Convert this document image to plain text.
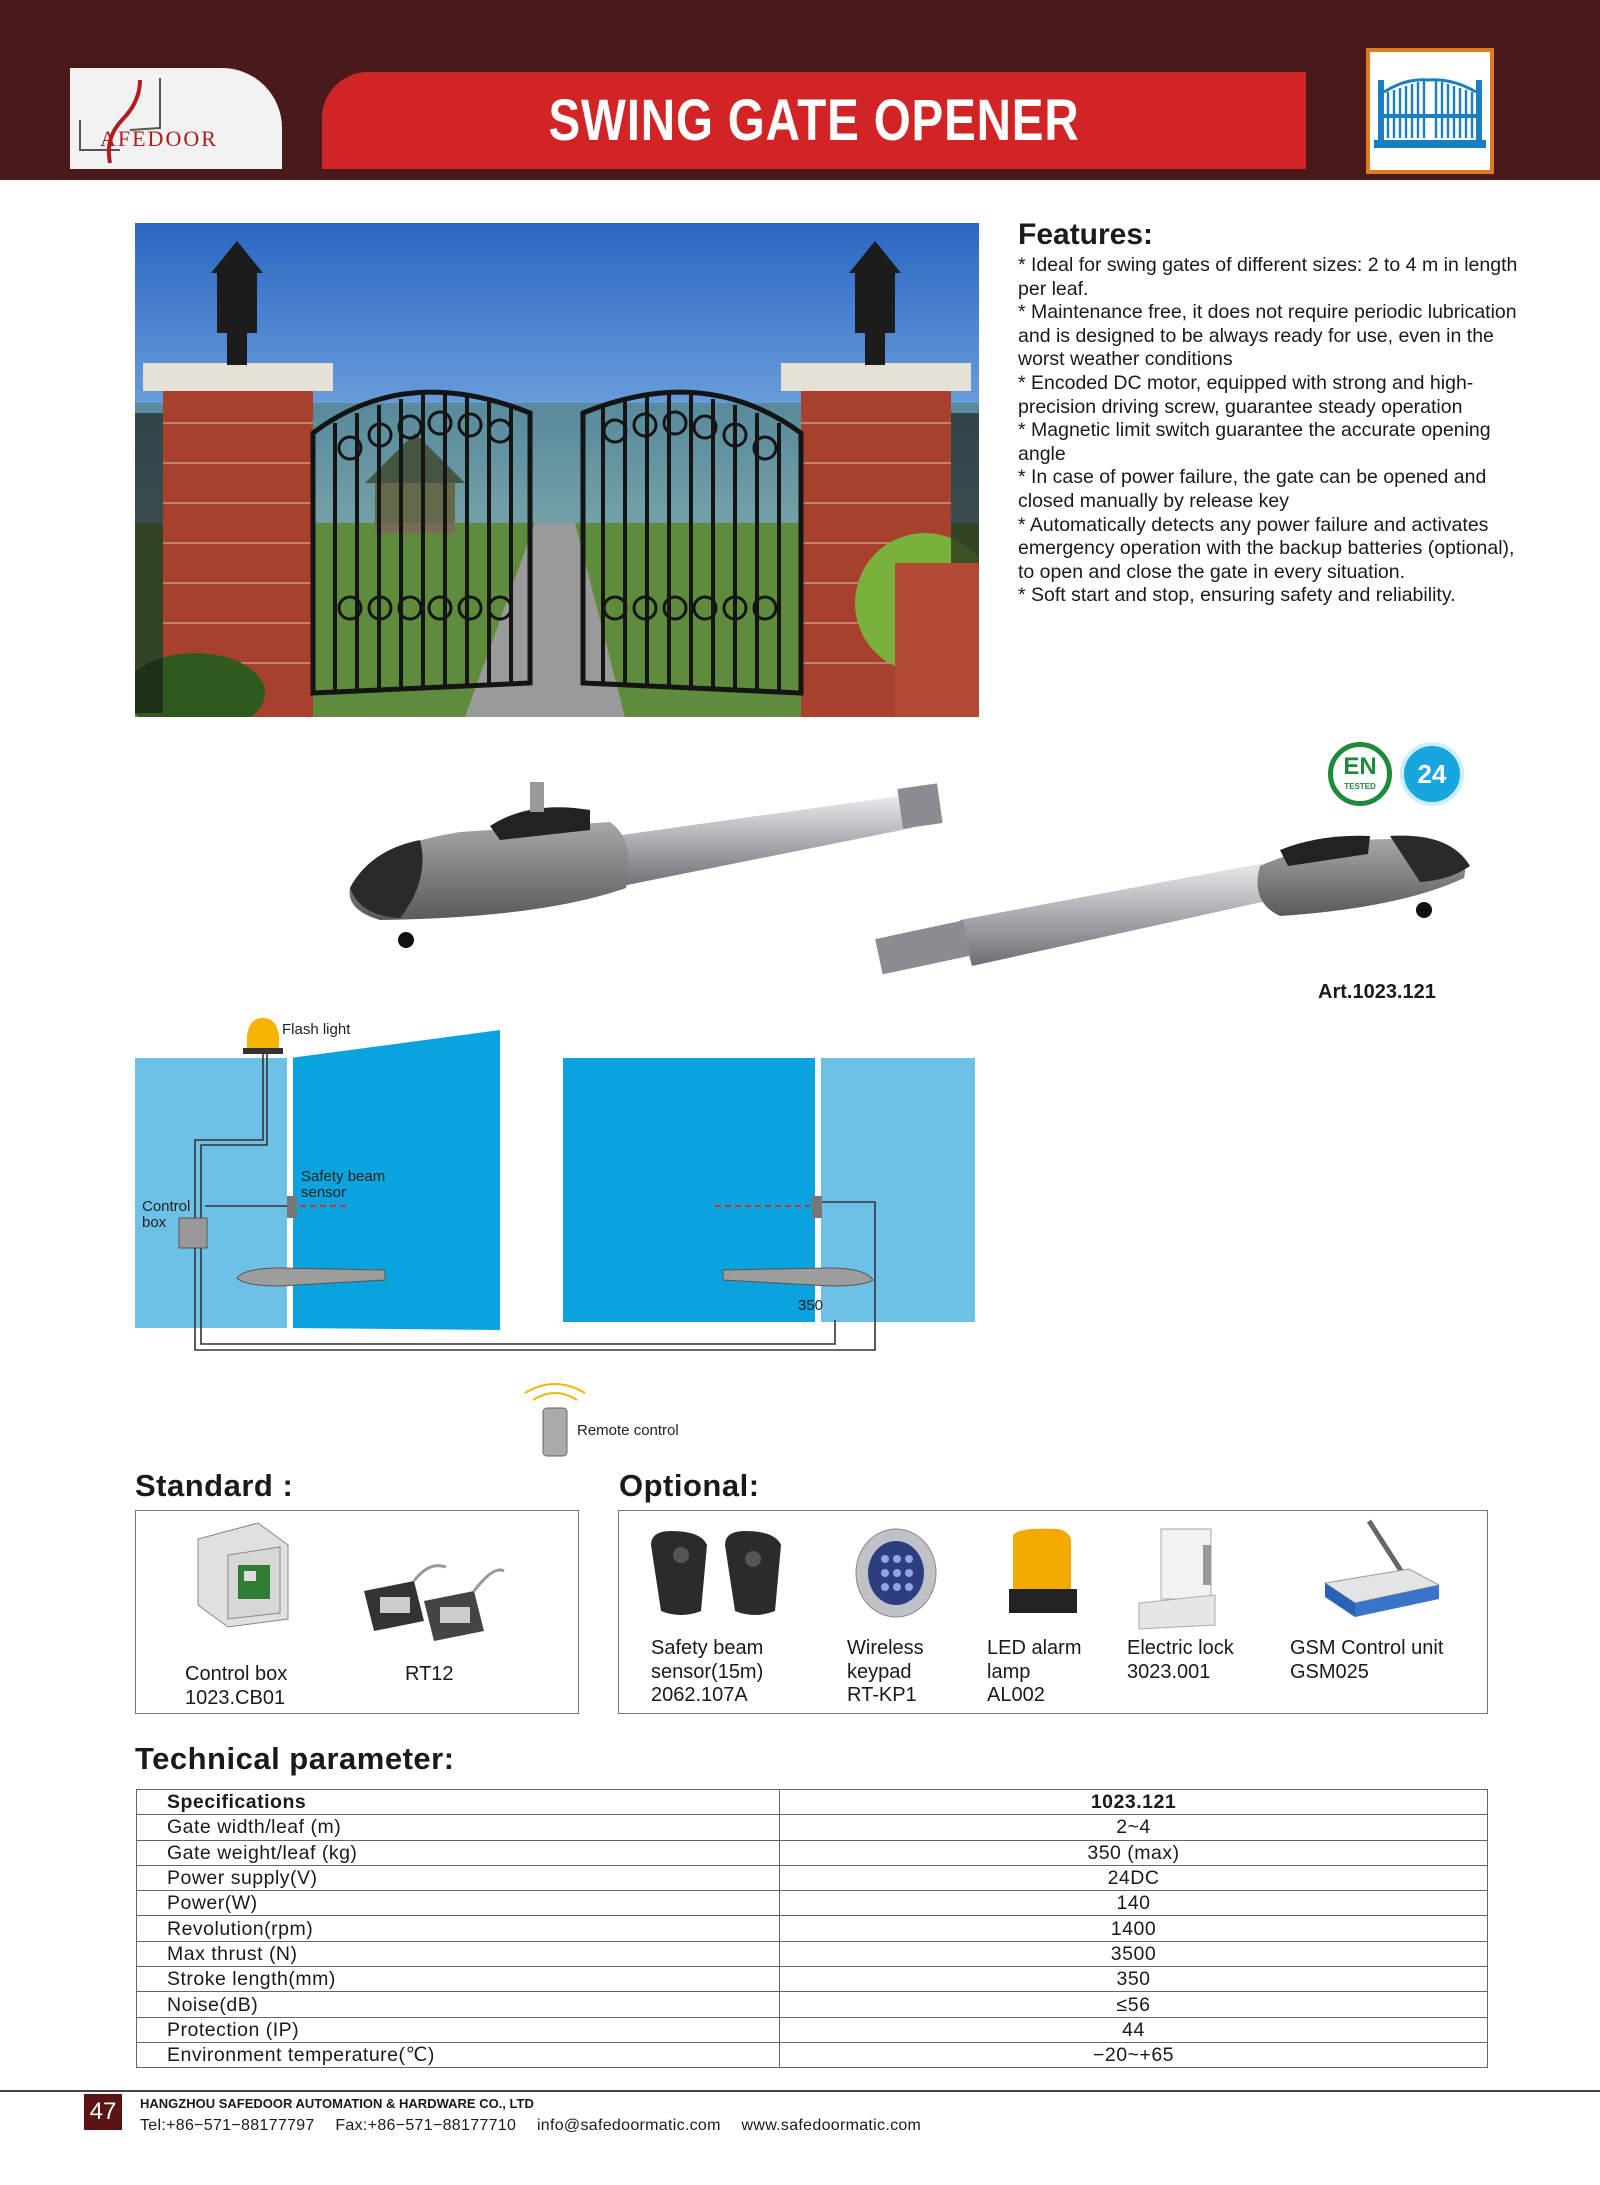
AFEDOOR	SWING GATE OPENER
Features:
* Ideal for swing gates of different sizes: 2 to 4 m in length per leaf.
* Maintenance free, it does not require periodic lubrication and is designed to be always ready for use, even in the worst weather conditions
* Encoded DC motor, equipped with strong and high-precision driving screw, guarantee steady operation
* Magnetic limit switch guarantee the accurate opening angle
* In case of power failure, the gate can be opened and closed manually by release key
* Automatically detects any power failure and activates emergency operation with the backup batteries (optional), to open and close the gate in every situation.
* Soft start and stop, ensuring safety and reliability.
EN
TESTED	24
Art.1023.121
Flash light
Safety beam
sensor
Control
box
350
Remote control
Standard :
Control box
1023.CB01
RT12
Optional:
Safety beam
sensor(15m)
2062.107A
Wireless
keypad
RT-KP1
LED alarm
lamp
AL002
Electric lock
3023.001
GSM Control unit
GSM025
Technical parameter:
Specifications	1023.121
Gate width/leaf (m)	2~4
Gate weight/leaf (kg)	350 (max)
Power supply(V)	24DC
Power(W)	140
Revolution(rpm)	1400
Max thrust (N)	3500
Stroke length(mm)	350
Noise(dB)	≤56
Protection (IP)	44
Environment temperature(℃)	−20~+65
47	HANGZHOU SAFEDOOR AUTOMATION & HARDWARE CO., LTD
Tel:+86−571−88177797 Fax:+86−571−88177710 info@safedoormatic.com www.safedoormatic.com
